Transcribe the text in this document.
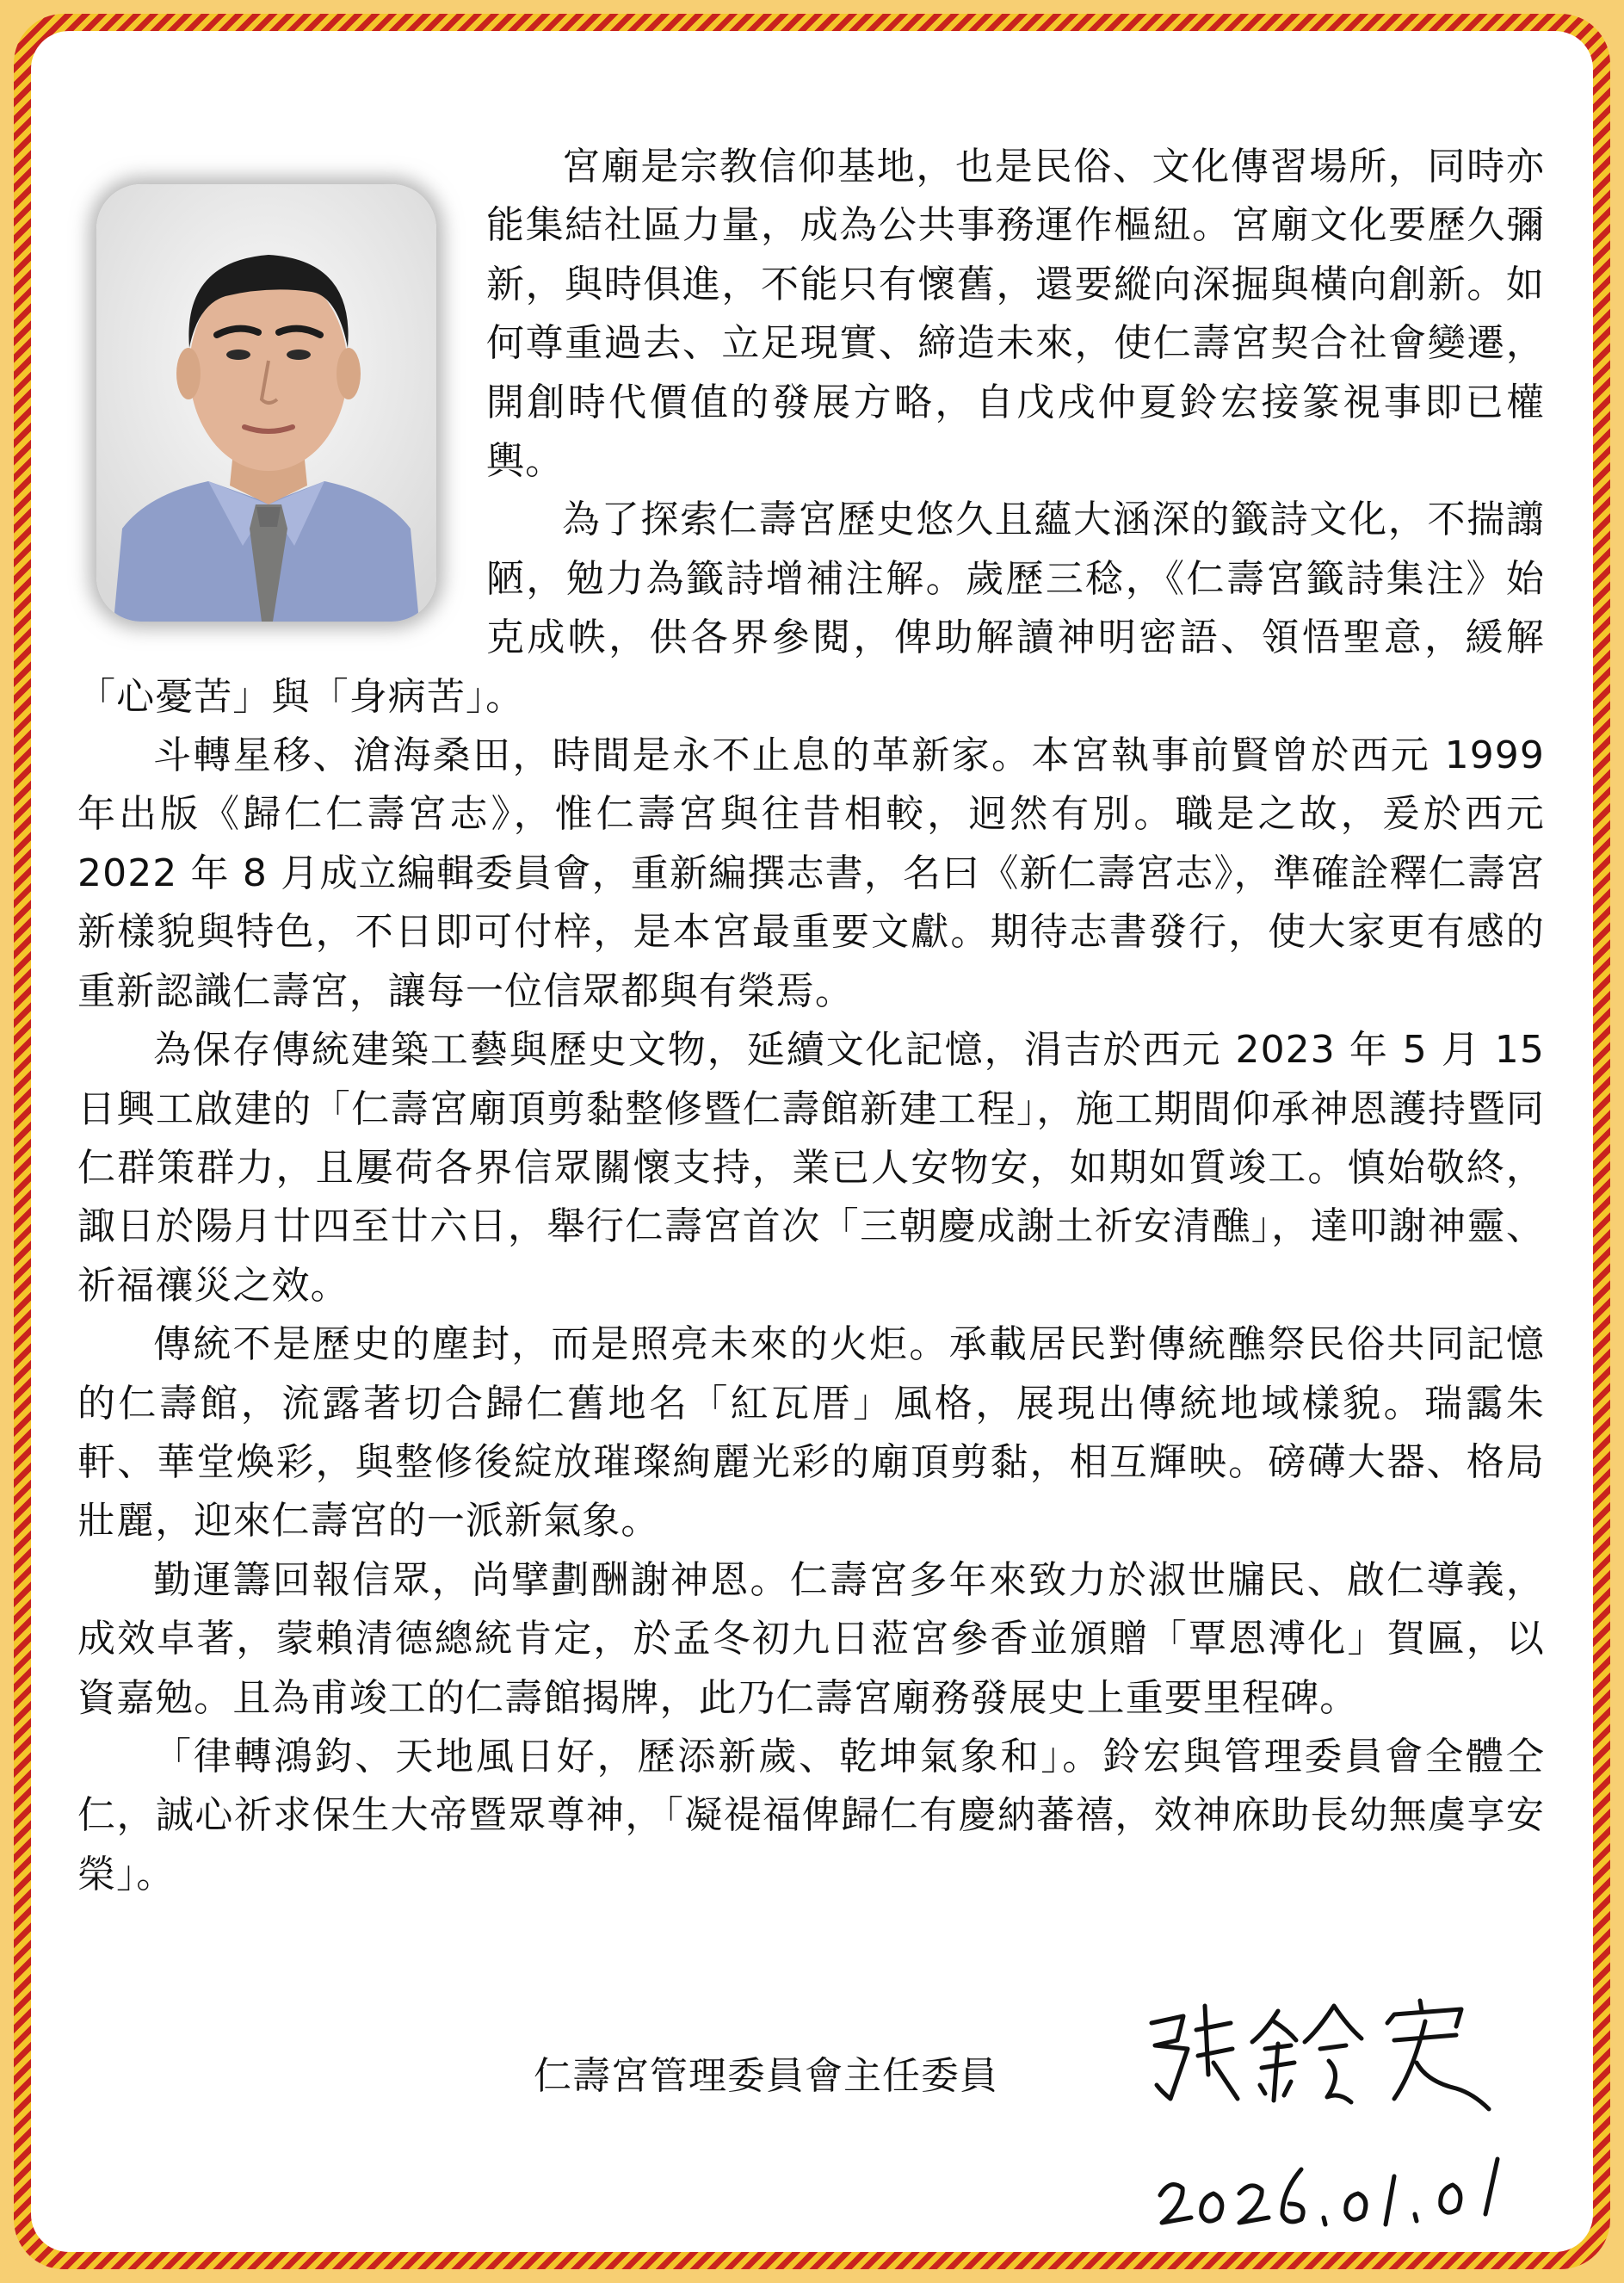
宮廟是宗教信仰基地，也是民俗、文化傳習場所，同時亦能集結社區力量，成為公共事務運作樞紐。宮廟文化要歷久彌新，與時俱進，不能只有懷舊，還要縱向深掘與橫向創新。如何尊重過去、立足現實、締造未來，使仁壽宮契合社會變遷，開創時代價值的發展方略，自戊戌仲夏鈴宏接篆視事即已權輿。

為了探索仁壽宮歷史悠久且蘊大涵深的籤詩文化，不揣譾陋，勉力為籤詩增補注解。歲歷三稔，《仁壽宮籤詩集注》始克成帙，供各界參閱，俾助解讀神明密語、領悟聖意，緩解「心憂苦」與「身病苦」。

斗轉星移、滄海桑田，時間是永不止息的革新家。本宮執事前賢曾於西元 1999 年出版《歸仁仁壽宮志》，惟仁壽宮與往昔相較，迥然有別。職是之故，爰於西元 2022 年 8 月成立編輯委員會，重新編撰志書，名曰《新仁壽宮志》，準確詮釋仁壽宮新樣貌與特色，不日即可付梓，是本宮最重要文獻。期待志書發行，使大家更有感的重新認識仁壽宮，讓每一位信眾都與有榮焉。

為保存傳統建築工藝與歷史文物，延續文化記憶，涓吉於西元 2023 年 5 月 15 日興工啟建的「仁壽宮廟頂剪黏整修暨仁壽館新建工程」，施工期間仰承神恩護持暨同仁群策群力，且屢荷各界信眾關懷支持，業已人安物安，如期如質竣工。慎始敬終，諏日於陽月廿四至廿六日，舉行仁壽宮首次「三朝慶成謝土祈安清醮」，達叩謝神靈、祈福禳災之效。

傳統不是歷史的塵封，而是照亮未來的火炬。承載居民對傳統醮祭民俗共同記憶的仁壽館，流露著切合歸仁舊地名「紅瓦厝」風格，展現出傳統地域樣貌。瑞靄朱軒、華堂煥彩，與整修後綻放璀璨絢麗光彩的廟頂剪黏，相互輝映。磅礡大器、格局壯麗，迎來仁壽宮的一派新氣象。

勤運籌回報信眾，尚擘劃酬謝神恩。仁壽宮多年來致力於淑世牖民、啟仁導義，成效卓著，蒙賴清德總統肯定，於孟冬初九日蒞宮參香並頒贈「覃恩溥化」賀匾，以資嘉勉。且為甫竣工的仁壽館揭牌，此乃仁壽宮廟務發展史上重要里程碑。

「律轉鴻鈞、天地風日好，歷添新歲、乾坤氣象和」。鈴宏與管理委員會全體仝仁，誠心祈求保生大帝暨眾尊神，「凝禔福俾歸仁有慶納蕃禧，效神庥助長幼無虞享安榮」。

仁壽宮管理委員會主任委員
